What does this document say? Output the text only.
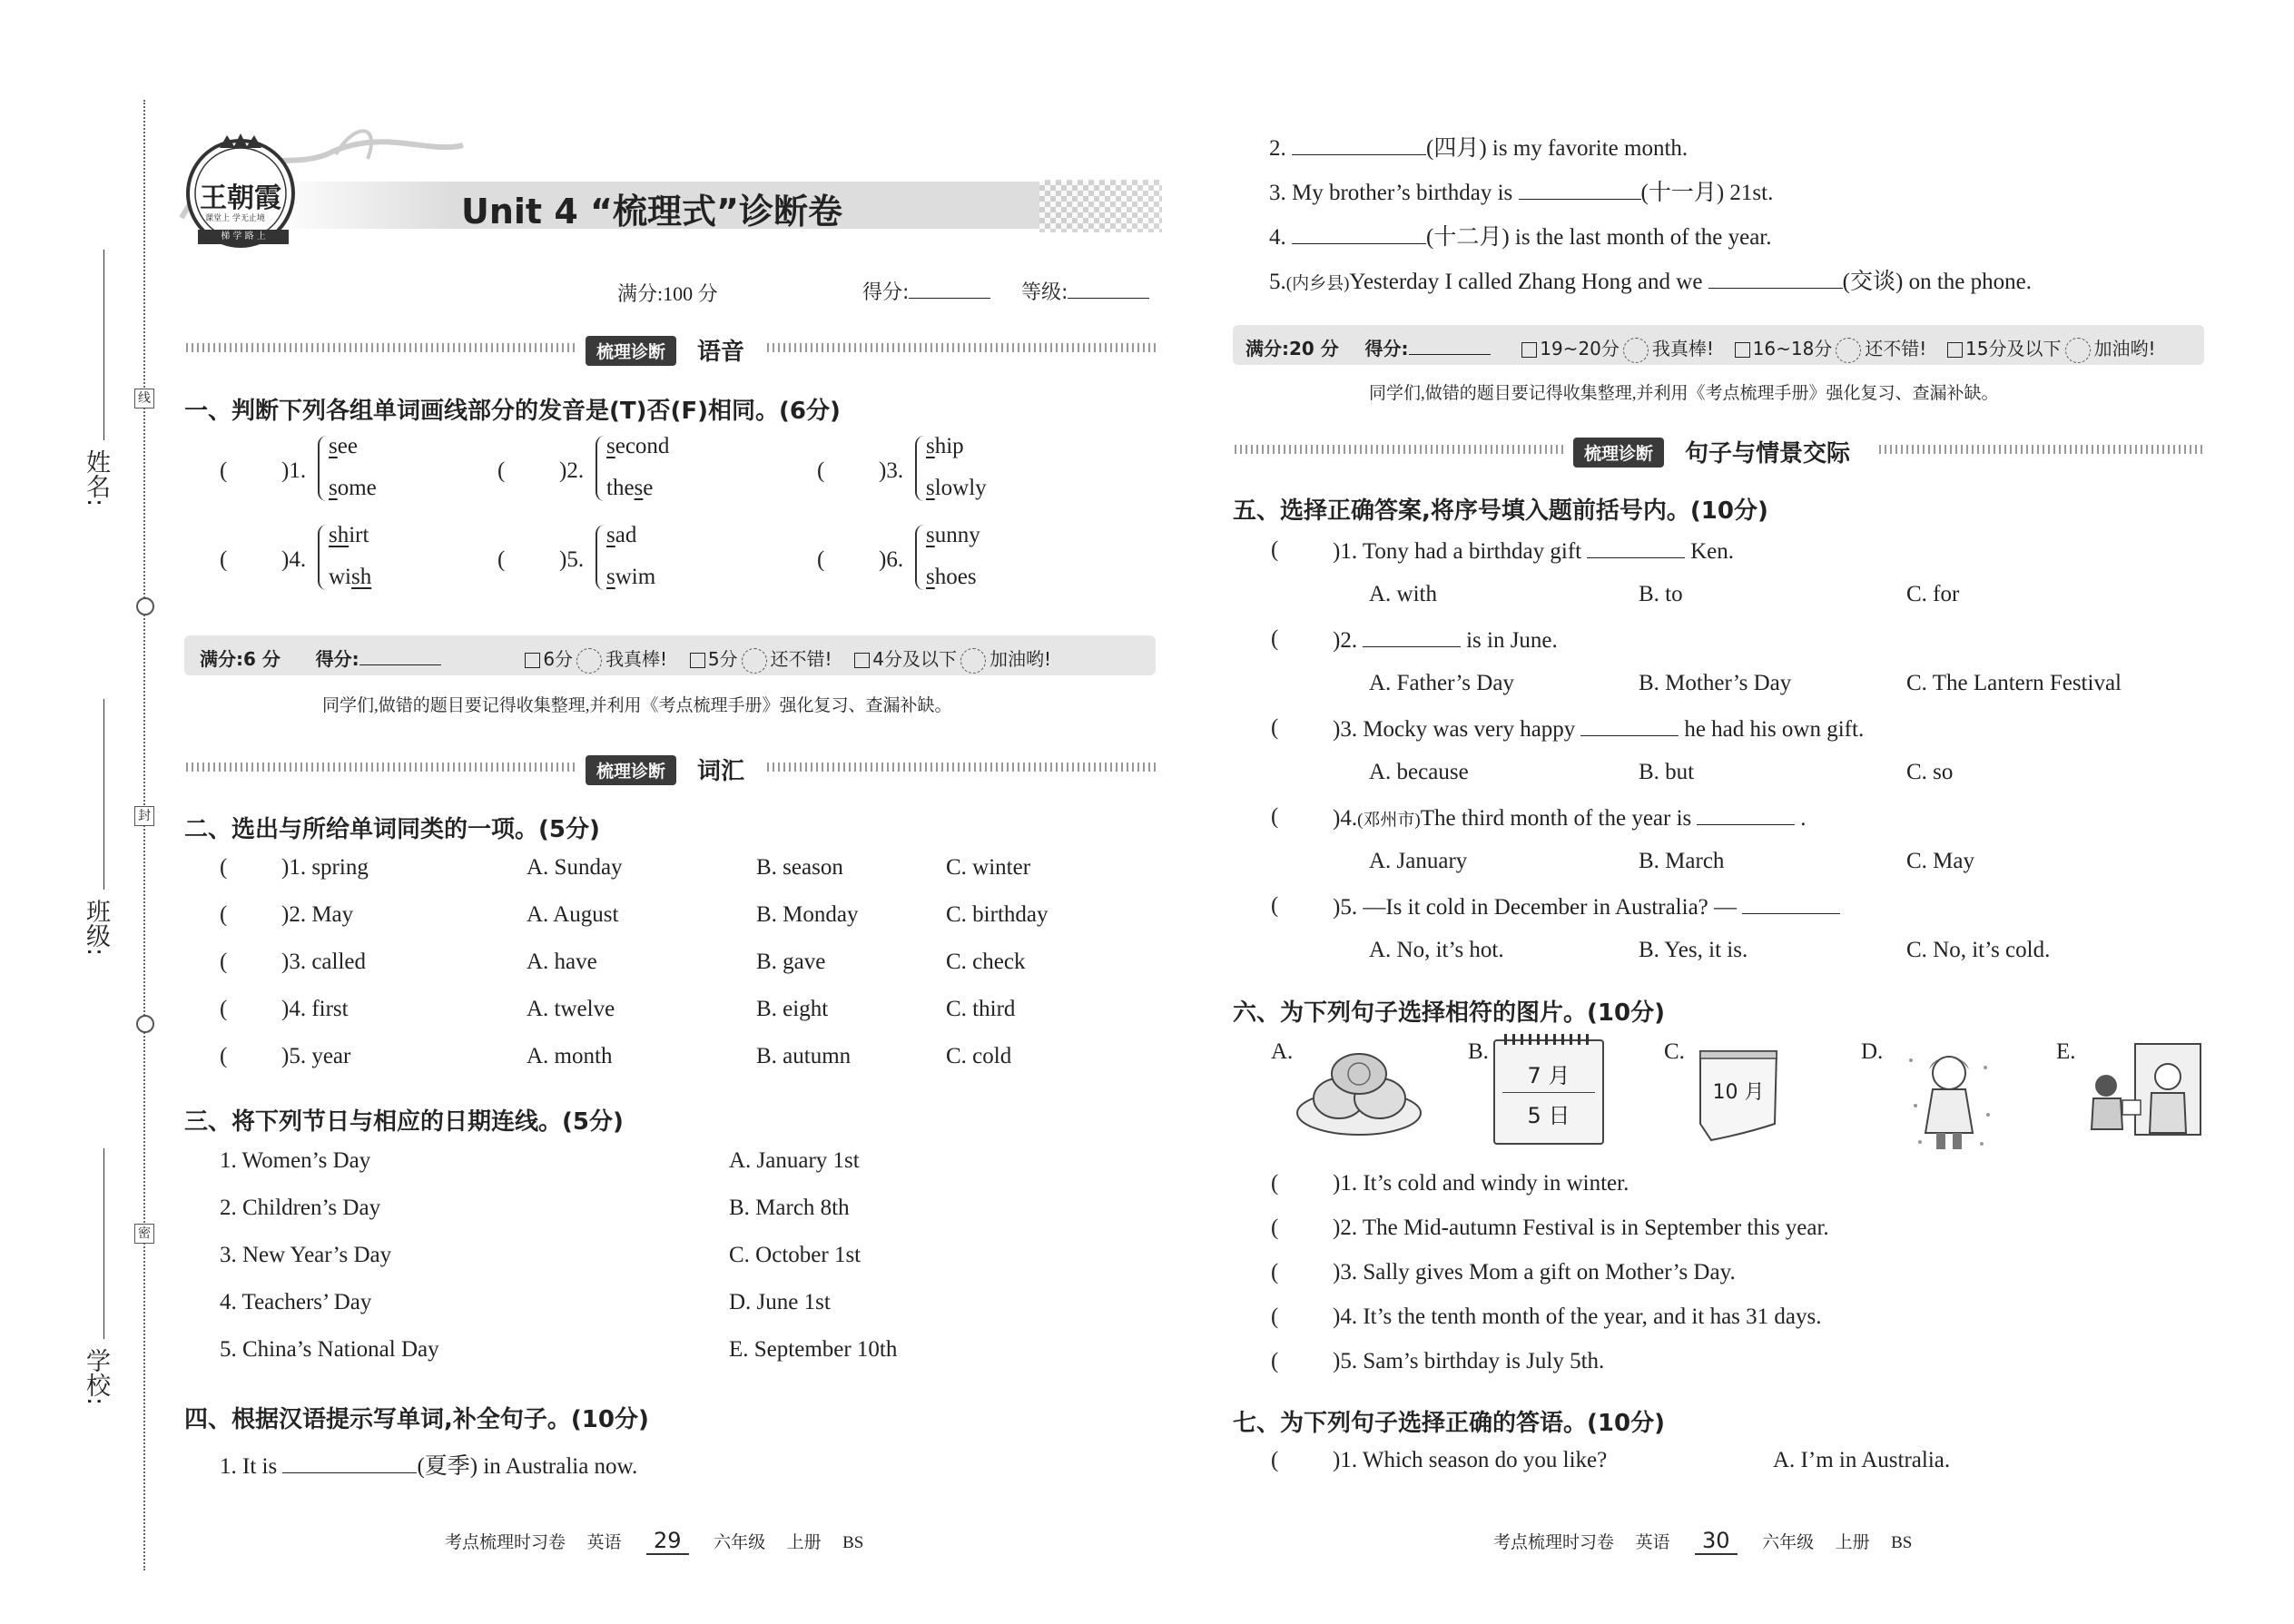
线
封
密
姓名:
班级:
学校:
王朝霞
课堂上 学无止境
梯 学 路 上
Unit 4 “梳理式”诊断卷
满分:100 分	得分:	等级:
梳理诊断	语音
一、判断下列各组单词画线部分的发音是(T)否(F)相同。(6分)
满分:6 分 得分:	6分 我真棒! 5分 还不错! 4分及以下 加油哟!
同学们,做错的题目要记得收集整理,并利用《考点梳理手册》强化复习、查漏补缺。
梳理诊断	词汇
二、选出与所给单词同类的一项。(5分)
三、将下列节日与相应的日期连线。(5分)
四、根据汉语提示写单词,补全句子。(10分)
1. It is	(夏季) in Australia now.
考点梳理时习卷 英语 29 六年级 上册 BS
2.	(四月) is my favorite month.
3. My brother’s birthday is	(十一月) 21st.
4.	(十二月) is the last month of the year.
5.(内乡县)Yesterday I called Zhang Hong and we	(交谈) on the phone.
满分:20 分 得分:	19~20分 我真棒! 16~18分 还不错! 15分及以下 加油哟!
同学们,做错的题目要记得收集整理,并利用《考点梳理手册》强化复习、查漏补缺。
梳理诊断	句子与情景交际
五、选择正确答案,将序号填入题前括号内。(10分)
六、为下列句子选择相符的图片。(10分)
A.	B.
7 月
5 日
C.
10 月
D.	E.
七、为下列句子选择正确的答语。(10分)
( )1. Which season do you like?	A. I’m in Australia.
考点梳理时习卷 英语 30 六年级 上册 BS
( )1.
see
some
( )2.
second
these
( )3.
ship
slowly
( )4.
shirt
wish
( )5.
sad
swim
( )6.
sunny
shoes
( )1. spring	A. Sunday	B. season	C. winter
( )2. May	A. August	B. Monday	C. birthday
( )3. called	A. have	B. gave	C. check
( )4. first	A. twelve	B. eight	C. third
( )5. year	A. month	B. autumn	C. cold
1. Women’s Day	A. January 1st
2. Children’s Day	B. March 8th
3. New Year’s Day	C. October 1st
4. Teachers’ Day	D. June 1st
5. China’s National Day	E. September 10th
( )1. Tony had a birthday gift	Ken.
A. with	B. to	C. for
( )2.	is in June.
A. Father’s Day	B. Mother’s Day	C. The Lantern Festival
( )3. Mocky was very happy	he had his own gift.
A. because	B. but	C. so
( )4.(邓州市)The third month of the year is	.
A. January	B. March	C. May
( )5. —Is it cold in December in Australia? —
A. No, it’s hot.	B. Yes, it is.	C. No, it’s cold.
( )1. It’s cold and windy in winter.
( )2. The Mid-autumn Festival is in September this year.
( )3. Sally gives Mom a gift on Mother’s Day.
( )4. It’s the tenth month of the year, and it has 31 days.
( )5. Sam’s birthday is July 5th.
